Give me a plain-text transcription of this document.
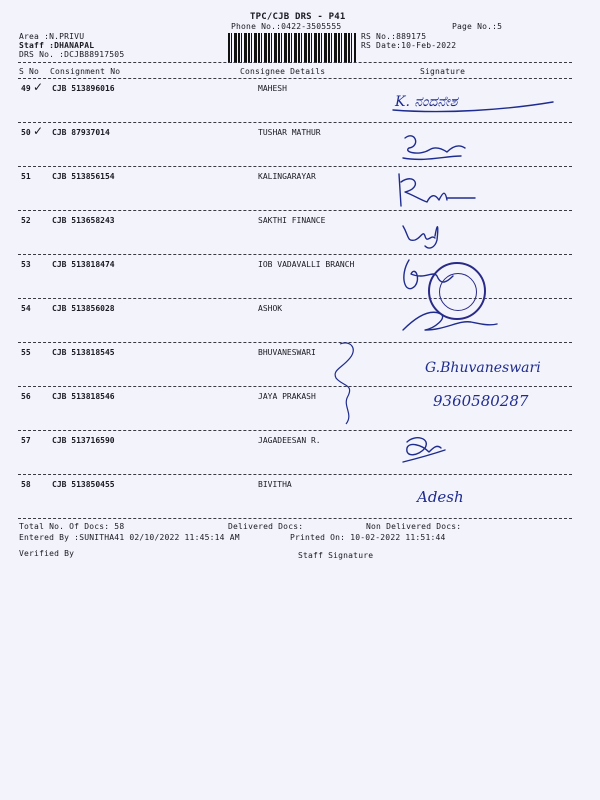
TPC/CJB DRS - P41
Phone No.:0422-3505555	Page No.:5
Area :N.PRIVU
Staff :DHANAPAL
DRS No. :DCJB88917505
RS No.:889175
RS Date:10-Feb-2022
S No Consignment No	Consignee Details	Signature
49 ✓ CJB 513896016	MAHESH
50 ✓ CJB 87937014	TUSHAR MATHUR
51	CJB 513856154	KALINGARAYAR
52	CJB 513658243	SAKTHI FINANCE
53	CJB 513818474	IOB VADAVALLI BRANCH
54	CJB 513856028	ASHOK
55	CJB 513818545	BHUVANESWARI
56	CJB 513818546	JAYA PRAKASH
57	CJB 513716590	JAGADEESAN R.
58	CJB 513850455	BIVITHA
K. ನಂದನೇಶ
G.Bhuvaneswari
9360580287
Adesh
Total No. Of Docs: 58	Delivered Docs:	Non Delivered Docs:
Entered By :SUNITHA41 02/10/2022 11:45:14 AM	Printed On: 10-02-2022 11:51:44
Verified By	Staff Signature
